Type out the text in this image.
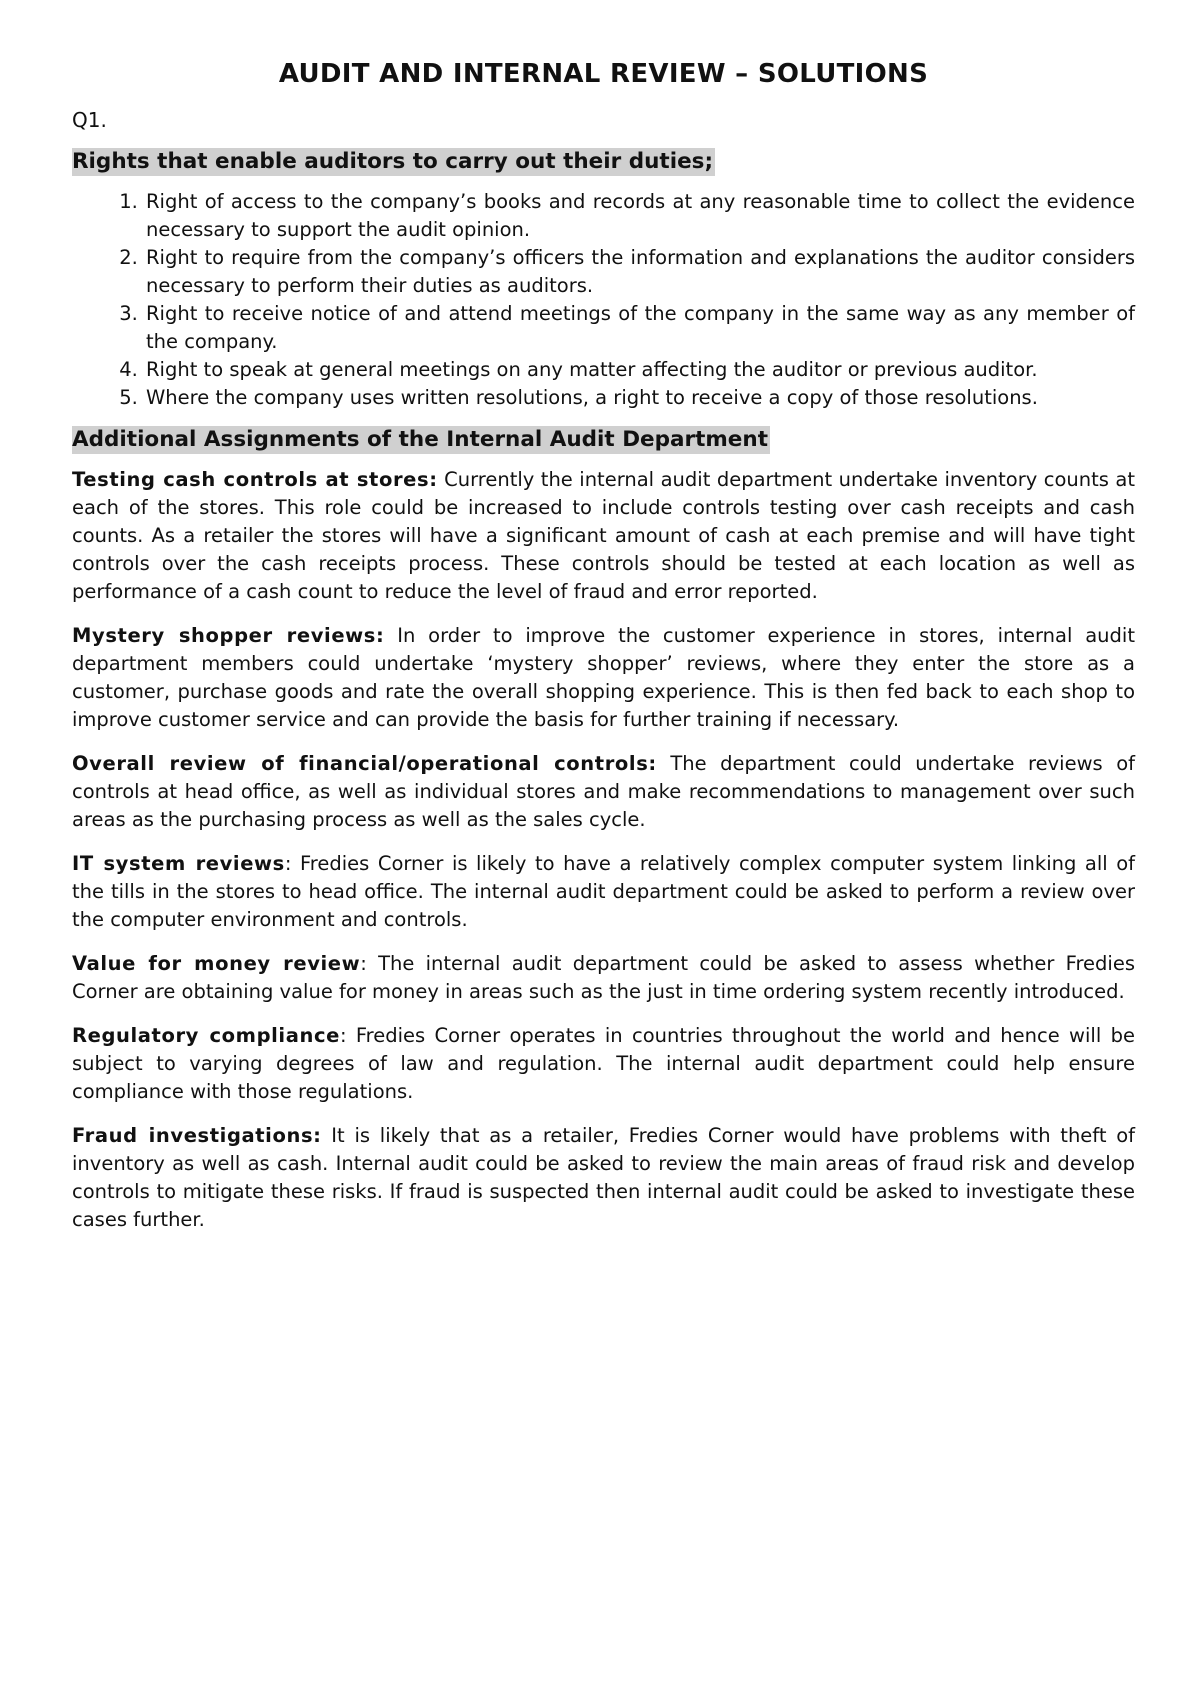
AUDIT AND INTERNAL REVIEW – SOLUTIONS
Q1.
Rights that enable auditors to carry out their duties;
1. Right of access to the company’s books and records at any reasonable time to collect the evidence necessary to support the audit opinion.
2. Right to require from the company’s officers the information and explanations the auditor considers necessary to perform their duties as auditors.
3. Right to receive notice of and attend meetings of the company in the same way as any member of the company.
4. Right to speak at general meetings on any matter affecting the auditor or previous auditor.
5. Where the company uses written resolutions, a right to receive a copy of those resolutions.
Additional Assignments of the Internal Audit Department

Testing cash controls at stores: Currently the internal audit department undertake inventory counts at each of the stores. This role could be increased to include controls testing over cash receipts and cash counts. As a retailer the stores will have a significant amount of cash at each premise and will have tight controls over the cash receipts process. These controls should be tested at each location as well as performance of a cash count to reduce the level of fraud and error reported.

Mystery shopper reviews: In order to improve the customer experience in stores, internal audit department members could undertake ‘mystery shopper’ reviews, where they enter the store as a customer, purchase goods and rate the overall shopping experience. This is then fed back to each shop to improve customer service and can provide the basis for further training if necessary.

Overall review of financial/operational controls: The department could undertake reviews of controls at head office, as well as individual stores and make recommendations to management over such areas as the purchasing process as well as the sales cycle.

IT system reviews: Fredies Corner is likely to have a relatively complex computer system linking all of the tills in the stores to head office. The internal audit department could be asked to perform a review over the computer environment and controls.

Value for money review: The internal audit department could be asked to assess whether Fredies Corner are obtaining value for money in areas such as the just in time ordering system recently introduced.

Regulatory compliance: Fredies Corner operates in countries throughout the world and hence will be subject to varying degrees of law and regulation. The internal audit department could help ensure compliance with those regulations.

Fraud investigations: It is likely that as a retailer, Fredies Corner would have problems with theft of inventory as well as cash. Internal audit could be asked to review the main areas of fraud risk and develop controls to mitigate these risks. If fraud is suspected then internal audit could be asked to investigate these cases further.
